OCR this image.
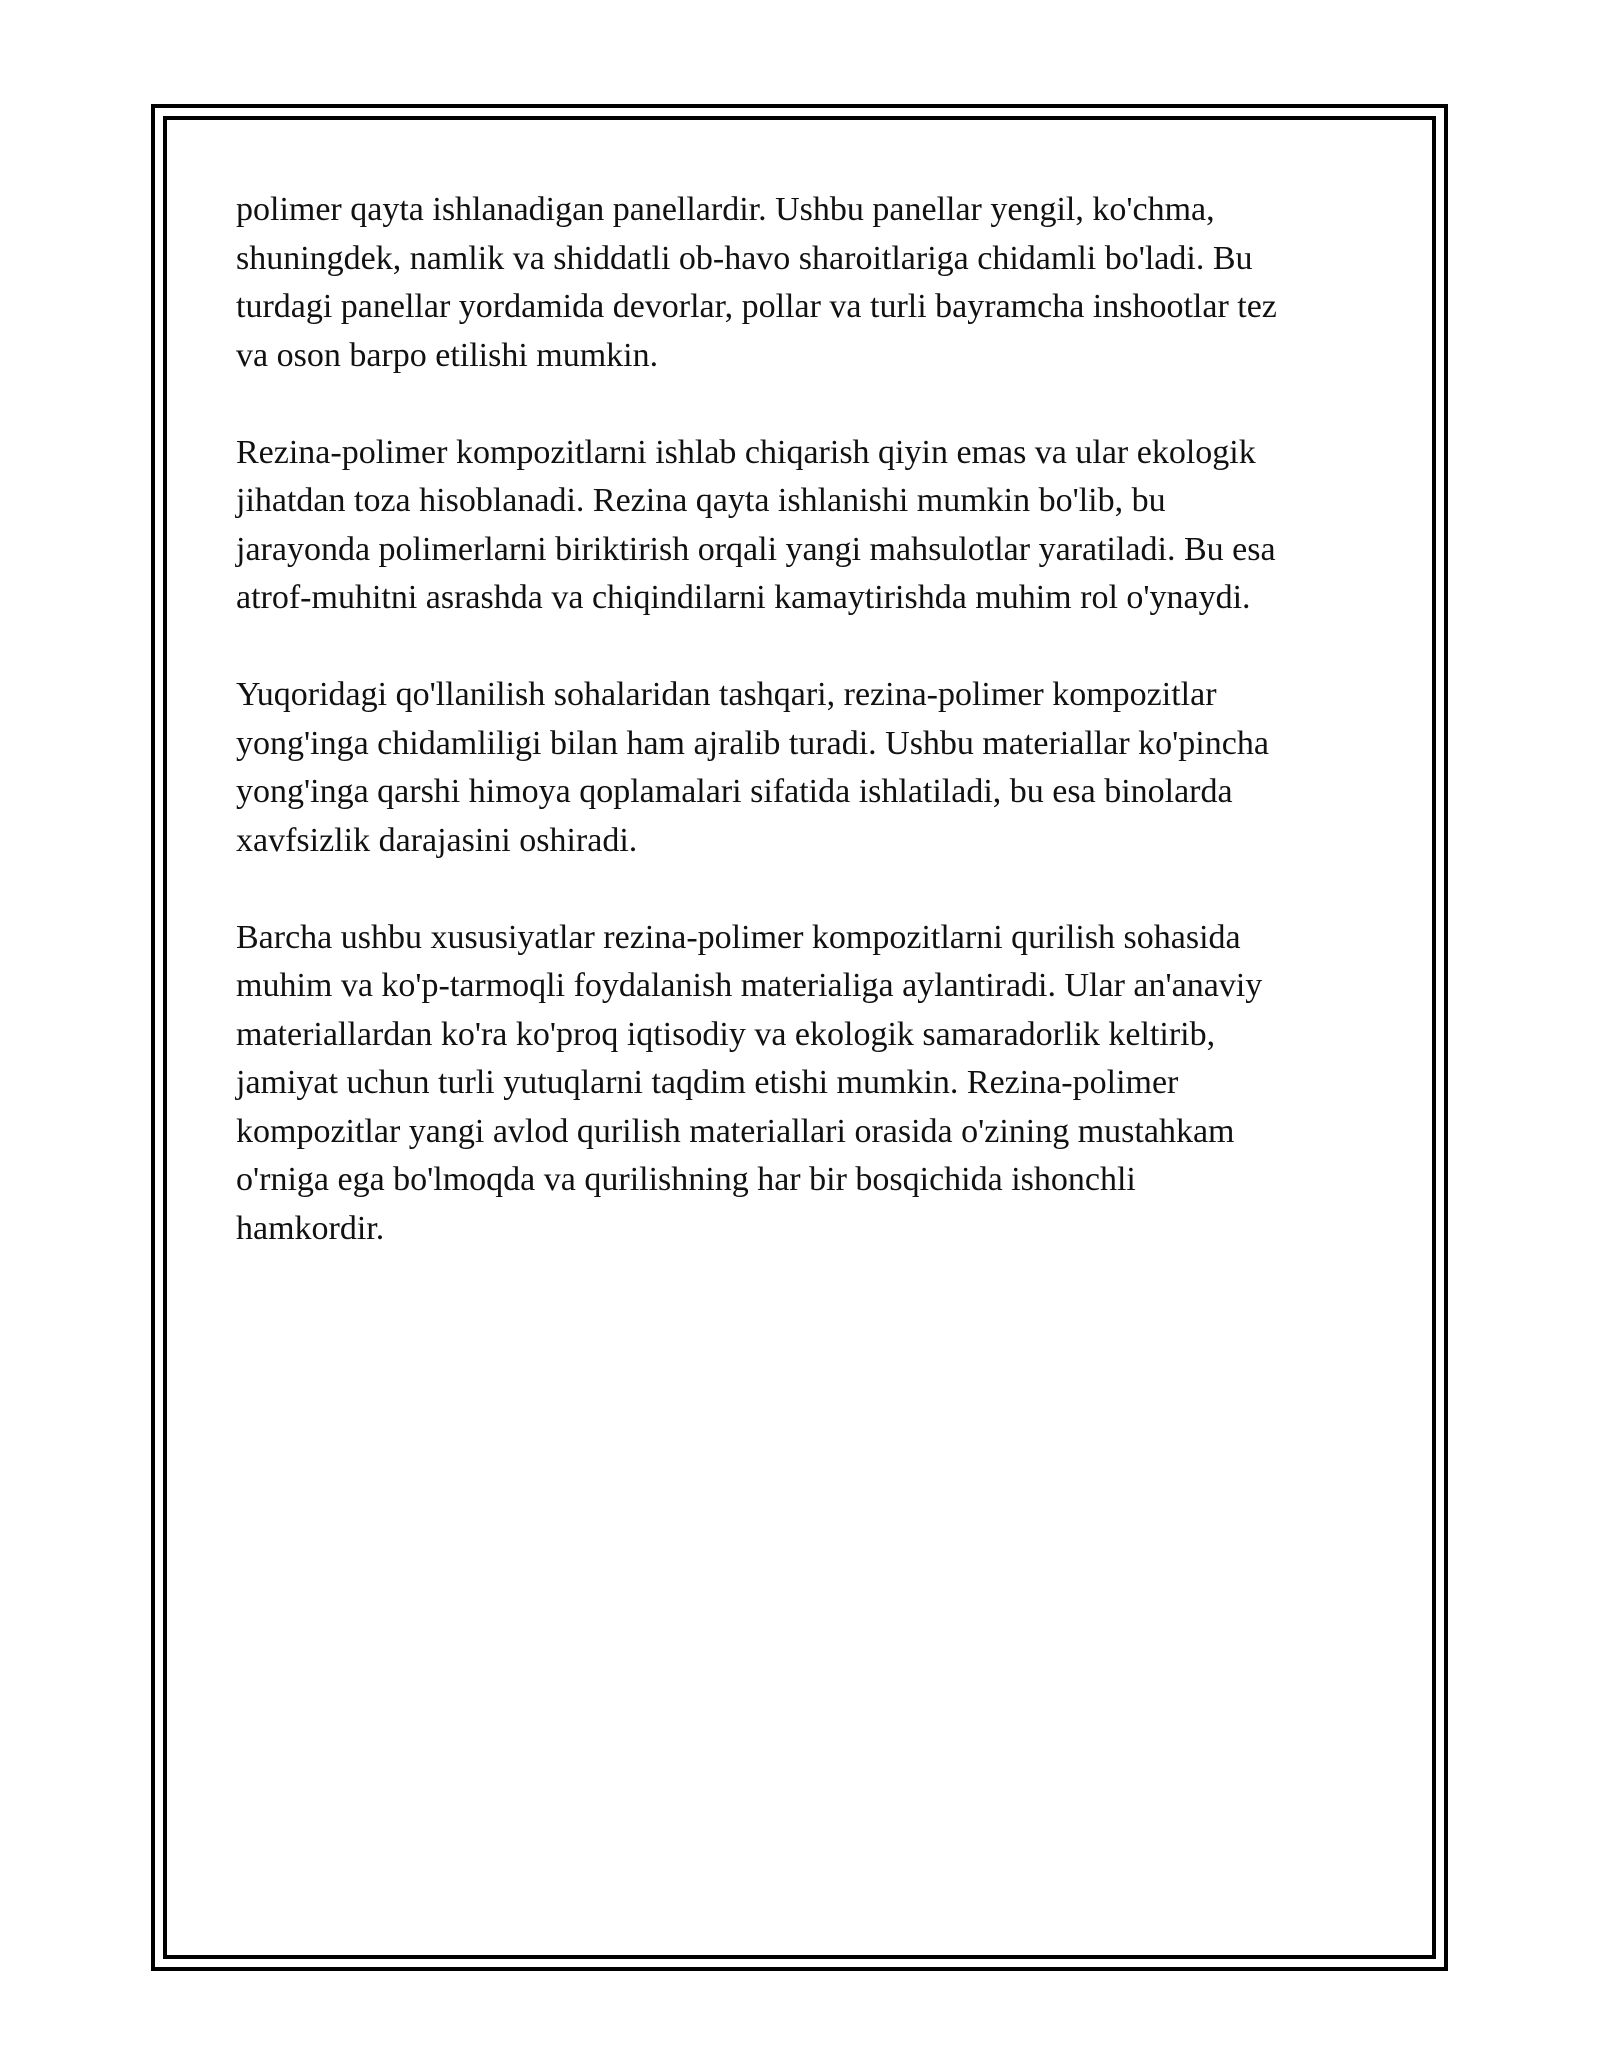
polimer qayta ishlanadigan panellardir. Ushbu panellar yengil, ko'chma,
shuningdek, namlik va shiddatli ob-havo sharoitlariga chidamli bo'ladi. Bu
turdagi panellar yordamida devorlar, pollar va turli bayramcha inshootlar tez
va oson barpo etilishi mumkin.

Rezina-polimer kompozitlarni ishlab chiqarish qiyin emas va ular ekologik
jihatdan toza hisoblanadi. Rezina qayta ishlanishi mumkin bo'lib, bu
jarayonda polimerlarni biriktirish orqali yangi mahsulotlar yaratiladi. Bu esa
atrof-muhitni asrashda va chiqindilarni kamaytirishda muhim rol o'ynaydi.

Yuqoridagi qo'llanilish sohalaridan tashqari, rezina-polimer kompozitlar
yong'inga chidamliligi bilan ham ajralib turadi. Ushbu materiallar ko'pincha
yong'inga qarshi himoya qoplamalari sifatida ishlatiladi, bu esa binolarda
xavfsizlik darajasini oshiradi.

Barcha ushbu xususiyatlar rezina-polimer kompozitlarni qurilish sohasida
muhim va ko'p-tarmoqli foydalanish materialiga aylantiradi. Ular an'anaviy
materiallardan ko'ra ko'proq iqtisodiy va ekologik samaradorlik keltirib,
jamiyat uchun turli yutuqlarni taqdim etishi mumkin. Rezina-polimer
kompozitlar yangi avlod qurilish materiallari orasida o'zining mustahkam
o'rniga ega bo'lmoqda va qurilishning har bir bosqichida ishonchli
hamkordir.
